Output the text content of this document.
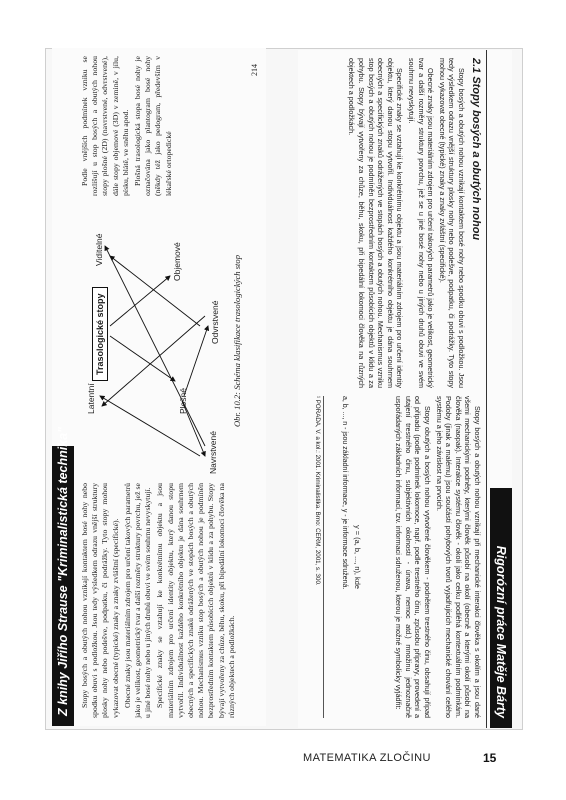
Z knihy Jiřího Strause "Kriminalistická technika"	Stopy bosých a obutých nohou vznikají kontaktem bosé nohy nebo spodku obuvi s podložkou. Jsou tedy výsledkem odrazu vnější struktury plosky nohy nebo podešve, podpatku, či podrážky. Tyto stopy mohou vykazovat obecné (typické) znaky a znaky zvláštní (specifické). Obecné znaky jsou materiálním zdrojem pro určení takových parametrů jako je velikost, geometrický tvar a další rozměry struktury povrchu, jež se u jiné bosé nohy nebo u jiných druhů obuvi ve svém souhrnu nevyskytují. Specifické znaky se vztahují ke konkrétnímu objektu a jsou materiálním zdrojem pro určení identity objektu, který danou stopu vytvořil. Individuálnost každého konkrétního objektu je dána souhrnem obecných a specifických znaků odrážených ve stopách bosých a obutých nohou. Mechanismus vzniku stop bosých a obutých nohou je podmíněn bezprostředním kontaktem působících objektů v klidu a za pohybu. Stopy bývají vytvořeny za chůze, běhu, skoku, při bipedální lokomoci člověka na různých objektech a podložkách.

Trasologické stopy
Plošné
Objemové
Navrstvené
Odvrstvené
Latentní
Viditelné
Obr. 10.2: Schéma klasifikace trasologických stop

Podle vnějších podmínek vzniku se rozlišují u stop bosých a obutých nohou stopy plošné (2D) (navrstvené, odvrstvené), dále stopy objemové (3D) v zemině, v jílu, písku, blátě, ve sněhu apod. Plošná trasologická stopa bosé nohy je označována jako plantogram bosé nohy (někdy též jako pedogram, především v lékařské ortopedické

214
Rigorózní práce Matěje Bárty
2.1 Stopy bosých a obutých nohou

Stopy bosých a obutých nohou vznikají kontaktem bosé nohy nebo spodku obuvi s podložkou. Jsou tedy výsledkem odrazu vnější struktury plosky nohy nebo podešve, podpatku, či podrážky. Tyto stopy mohou vykazovat obecné (typické) znaky a znaky zvláštní (specifické).

Obecné znaky jsou materiálním zdrojem pro určení takových parametrů jako je velikost, geometrický tvar a další rozměry struktury povrchu, jež se u jiné bosé nohy nebo u jiných druhů obuvi ve svém souhrnu nevyskytují.

Specifické znaky se vztahují ke konkrétnímu objektu a jsou materiálním zdrojem pro určení identity objektu, který danou stopu vytvořil. Individuálnost každého konkrétního objektu je dána souhrnem obecných a specifických znaků odrážených ve stopách bosých a obutých nohou. Mechanismus vzniku stop bosých a obutých nohou je podmíněn bezprostředním kontaktem působících objektů v klidu a za pohybu. Stopy bývají vytvořeny za chůze, běhu, skoku, při bipedální lokomoci člověka na různých objektech a podložkách.

Stopy bosých a obutých nohou vznikají při mechanické interakci člověka s okolím a jsou dané všemi mechanickými podněty, kterými člověk působí na okolí (obecně a kterými okolí působí na člověka (naopak). Interakce systému člověk - okolí jako celku podléhá kontextuálním podmínkám. Podoby (jinak a malému) jsou součástí pohybových tvorů vyjadřujících mechanické chování celého systému a jeho závislost na prvcích.

Stopy obutých a bosých nohou vytvořené člověkem - podnětem trestného činu, obsahují případ od případu (podle podmínek lokomoce, např. podle trestného činu, způsobu přípravy, provedení a utajení trestného činu, subjektivních okolností - únava, nemoc atd.) množinu jednoznačně uspořádaných základních informací, tzv. informaci sdruženou, kterou je možné symbolicky vyjádřit:

y = (a, b, ..., n), kde
a, b, ..., n - jsou základní informace, y - je informace sdružená.
¹ PORADA, V. a kol.: 2001. Kriminalistika. Brno: CERM, 2001, s. 300.
MATEMATIKA ZLOČINU	15
